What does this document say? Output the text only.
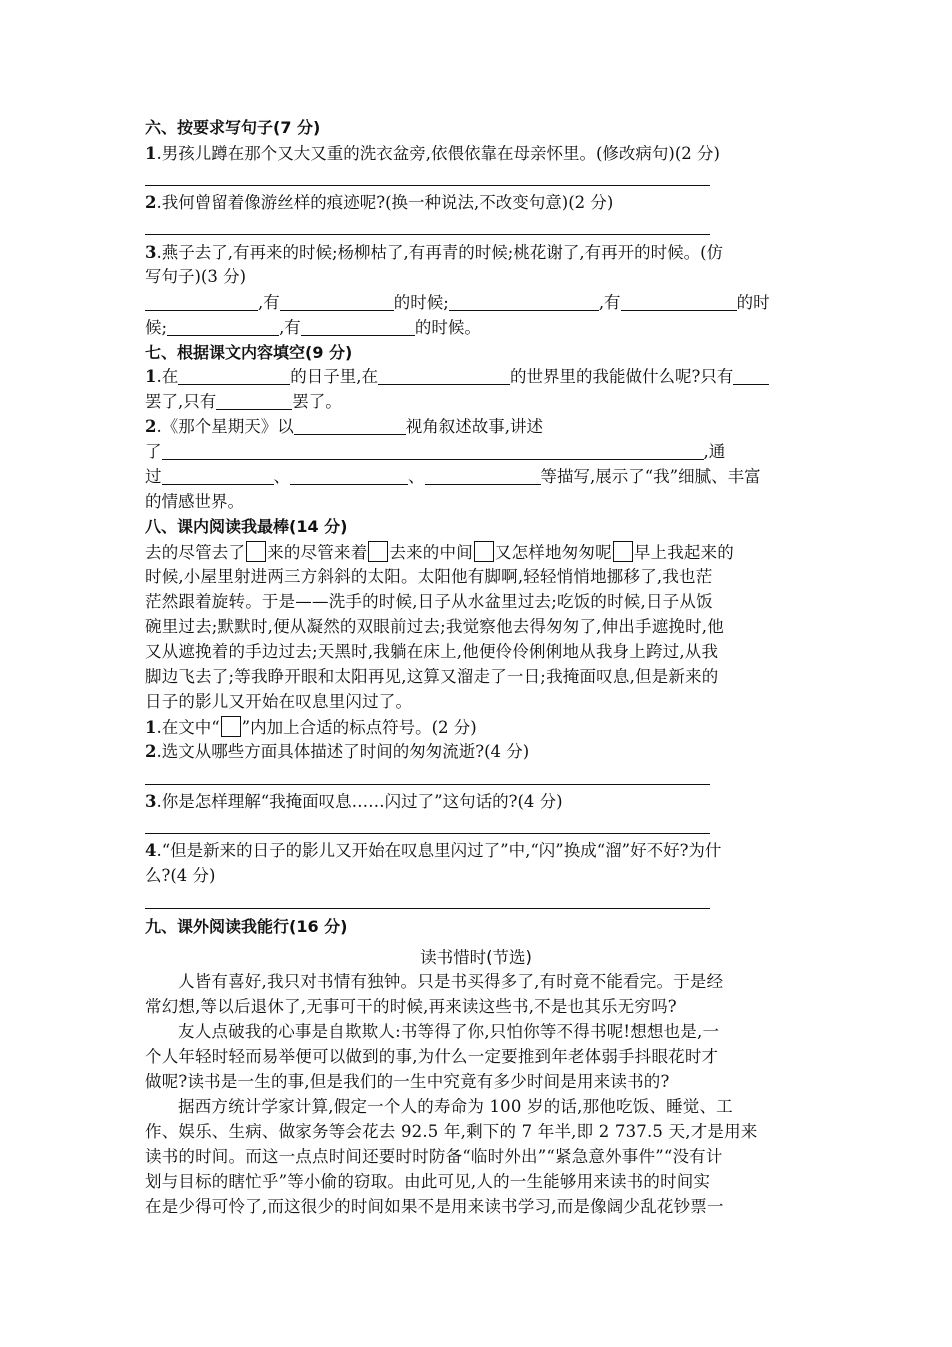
六、按要求写句子(7 分)
1.男孩儿蹲在那个又大又重的洗衣盆旁,依偎依靠在母亲怀里。(修改病句)(2 分)
2.我何曾留着像游丝样的痕迹呢?(换一种说法,不改变句意)(2 分)
3.燕子去了,有再来的时候;杨柳枯了,有再青的时候;桃花谢了,有再开的时候。(仿
写句子)(3 分)
,有	的时候;	,有	的时
候;	,有	的时候。
七、根据课文内容填空(9 分)
1.在	的日子里,在	的世界里的我能做什么呢?只有
罢了,只有	罢了。
2.《那个星期天》以	视角叙述故事,讲述
了	,通
过	、	、	等描写,展示了“我”细腻、丰富
的情感世界。
八、课内阅读我最棒(14 分)
去的尽管去了 来的尽管来着 去来的中间 又怎样地匆匆呢 早上我起来的
时候,小屋里射进两三方斜斜的太阳。太阳他有脚啊,轻轻悄悄地挪移了,我也茫
茫然跟着旋转。于是——洗手的时候,日子从水盆里过去;吃饭的时候,日子从饭
碗里过去;默默时,便从凝然的双眼前过去;我觉察他去得匆匆了,伸出手遮挽时,他
又从遮挽着的手边过去;天黑时,我躺在床上,他便伶伶俐俐地从我身上跨过,从我
脚边飞去了;等我睁开眼和太阳再见,这算又溜走了一日;我掩面叹息,但是新来的
日子的影儿又开始在叹息里闪过了。
1.在文中“ ”内加上合适的标点符号。(2 分)
2.选文从哪些方面具体描述了时间的匆匆流逝?(4 分)
3.你是怎样理解“我掩面叹息……闪过了”这句话的?(4 分)
4.“但是新来的日子的影儿又开始在叹息里闪过了”中,“闪”换成“溜”好不好?为什
么?(4 分)
九、课外阅读我能行(16 分)
读书惜时(节选)
人皆有喜好,我只对书情有独钟。只是书买得多了,有时竟不能看完。于是经
常幻想,等以后退休了,无事可干的时候,再来读这些书,不是也其乐无穷吗?
友人点破我的心事是自欺欺人:书等得了你,只怕你等不得书呢!想想也是,一
个人年轻时轻而易举便可以做到的事,为什么一定要推到年老体弱手抖眼花时才
做呢?读书是一生的事,但是我们的一生中究竟有多少时间是用来读书的?
据西方统计学家计算,假定一个人的寿命为 100 岁的话,那他吃饭、睡觉、工
作、娱乐、生病、做家务等会花去 92.5 年,剩下的 7 年半,即 2 737.5 天,才是用来
读书的时间。而这一点点时间还要时时防备“临时外出”“紧急意外事件”“没有计
划与目标的瞎忙乎”等小偷的窃取。由此可见,人的一生能够用来读书的时间实
在是少得可怜了,而这很少的时间如果不是用来读书学习,而是像阔少乱花钞票一
